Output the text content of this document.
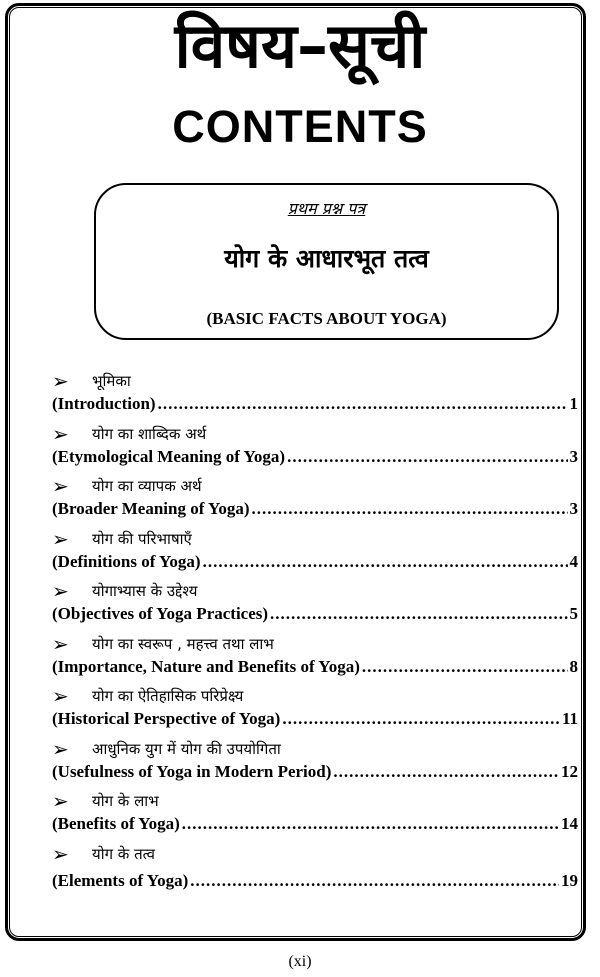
विषय–सूची
CONTENTS
प्रथम प्रश्न पत्र
योग के आधारभूत तत्व
(BASIC FACTS ABOUT YOGA)
➢	भूमिका
(Introduction) .....	1
➢	योग का शाब्दिक अर्थ
(Etymological Meaning of Yoga) .....	3
➢	योग का व्यापक अर्थ
(Broader Meaning of Yoga) .....	3
➢	योग की परिभाषाएँ
(Definitions of Yoga) .....	4
➢	योगाभ्यास के उद्देश्य
(Objectives of Yoga Practices) .....	5
➢	योग का स्वरूप , महत्त्व तथा लाभ
(Importance, Nature and Benefits of Yoga) .....	8
➢	योग का ऐतिहासिक परिप्रेक्ष्य
(Historical Perspective of Yoga) .....	11
➢	आधुनिक युग में योग की उपयोगिता
(Usefulness of Yoga in Modern Period) .....	12
➢	योग के लाभ
(Benefits of Yoga) .....	14
➢	योग के तत्व
(Elements of Yoga) .....	19
(xi)
